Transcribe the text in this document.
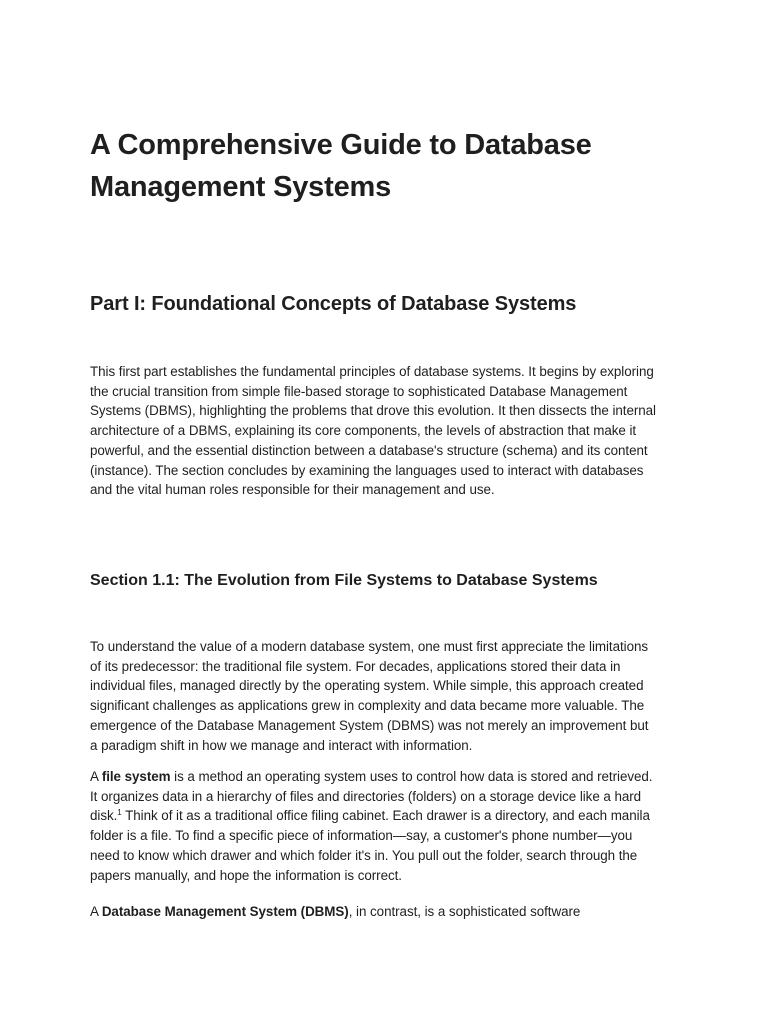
A Comprehensive Guide to Database Management Systems
Part I: Foundational Concepts of Database Systems

This first part establishes the fundamental principles of database systems. It begins by exploring the crucial transition from simple file-based storage to sophisticated Database Management Systems (DBMS), highlighting the problems that drove this evolution. It then dissects the internal architecture of a DBMS, explaining its core components, the levels of abstraction that make it powerful, and the essential distinction between a database's structure (schema) and its content (instance). The section concludes by examining the languages used to interact with databases and the vital human roles responsible for their management and use.

Section 1.1: The Evolution from File Systems to Database Systems

To understand the value of a modern database system, one must first appreciate the limitations of its predecessor: the traditional file system. For decades, applications stored their data in individual files, managed directly by the operating system. While simple, this approach created significant challenges as applications grew in complexity and data became more valuable. The emergence of the Database Management System (DBMS) was not merely an improvement but a paradigm shift in how we manage and interact with information.

A file system is a method an operating system uses to control how data is stored and retrieved. It organizes data in a hierarchy of files and directories (folders) on a storage device like a hard disk.$^1$ Think of it as a traditional office filing cabinet. Each drawer is a directory, and each manila folder is a file. To find a specific piece of information—say, a customer's phone number—you need to know which drawer and which folder it's in. You pull out the folder, search through the papers manually, and hope the information is correct.

A Database Management System (DBMS), in contrast, is a sophisticated software
